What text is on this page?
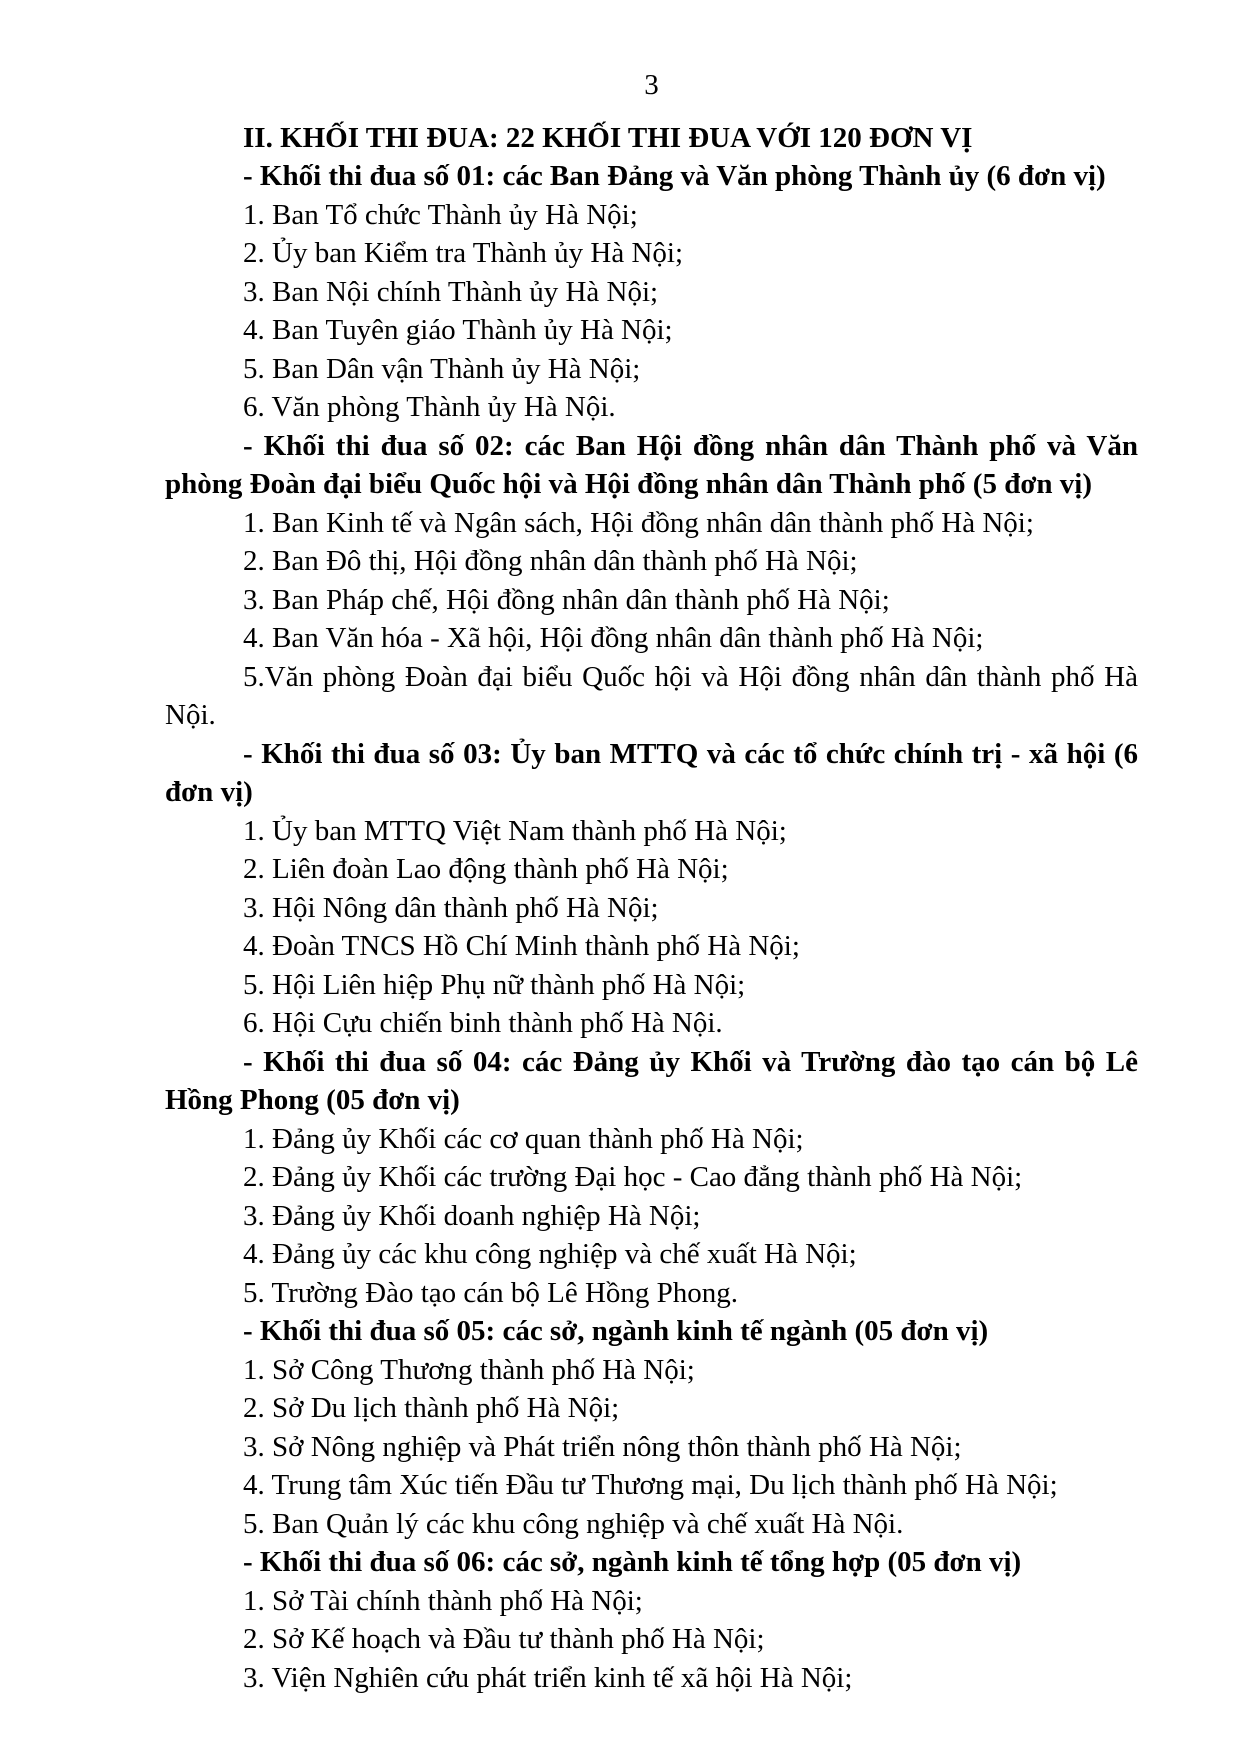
3

II. KHỐI THI ĐUA: 22 KHỐI THI ĐUA VỚI 120 ĐƠN VỊ

- Khối thi đua số 01: các Ban Đảng và Văn phòng Thành ủy (6 đơn vị)

1. Ban Tổ chức Thành ủy Hà Nội;

2. Ủy ban Kiểm tra Thành ủy Hà Nội;

3. Ban Nội chính Thành ủy Hà Nội;

4. Ban Tuyên giáo Thành ủy Hà Nội;

5. Ban Dân vận Thành ủy Hà Nội;

6. Văn phòng Thành ủy Hà Nội.

- Khối thi đua số 02: các Ban Hội đồng nhân dân Thành phố và Văn phòng Đoàn đại biểu Quốc hội và Hội đồng nhân dân Thành phố (5 đơn vị)

1. Ban Kinh tế và Ngân sách, Hội đồng nhân dân thành phố Hà Nội;

2. Ban Đô thị, Hội đồng nhân dân thành phố Hà Nội;

3. Ban Pháp chế, Hội đồng nhân dân thành phố Hà Nội;

4. Ban Văn hóa - Xã hội, Hội đồng nhân dân thành phố Hà Nội;

5.Văn phòng Đoàn đại biểu Quốc hội và Hội đồng nhân dân thành phố Hà Nội.

- Khối thi đua số 03: Ủy ban MTTQ và các tổ chức chính trị - xã hội (6 đơn vị)

1. Ủy ban MTTQ Việt Nam thành phố Hà Nội;

2. Liên đoàn Lao động thành phố Hà Nội;

3. Hội Nông dân thành phố Hà Nội;

4. Đoàn TNCS Hồ Chí Minh thành phố Hà Nội;

5. Hội Liên hiệp Phụ nữ thành phố Hà Nội;

6. Hội Cựu chiến binh thành phố Hà Nội.

- Khối thi đua số 04: các Đảng ủy Khối và Trường đào tạo cán bộ Lê Hồng Phong (05 đơn vị)

1. Đảng ủy Khối các cơ quan thành phố Hà Nội;

2. Đảng ủy Khối các trường Đại học - Cao đẳng thành phố Hà Nội;

3. Đảng ủy Khối doanh nghiệp Hà Nội;

4. Đảng ủy các khu công nghiệp và chế xuất Hà Nội;

5. Trường Đào tạo cán bộ Lê Hồng Phong.

- Khối thi đua số 05: các sở, ngành kinh tế ngành (05 đơn vị)

1. Sở Công Thương thành phố Hà Nội;

2. Sở Du lịch thành phố Hà Nội;

3. Sở Nông nghiệp và Phát triển nông thôn thành phố Hà Nội;

4. Trung tâm Xúc tiến Đầu tư Thương mại, Du lịch thành phố Hà Nội;

5. Ban Quản lý các khu công nghiệp và chế xuất Hà Nội.

- Khối thi đua số 06: các sở, ngành kinh tế tổng hợp (05 đơn vị)

1. Sở Tài chính thành phố Hà Nội;

2. Sở Kế hoạch và Đầu tư thành phố Hà Nội;

3. Viện Nghiên cứu phát triển kinh tế xã hội Hà Nội;
